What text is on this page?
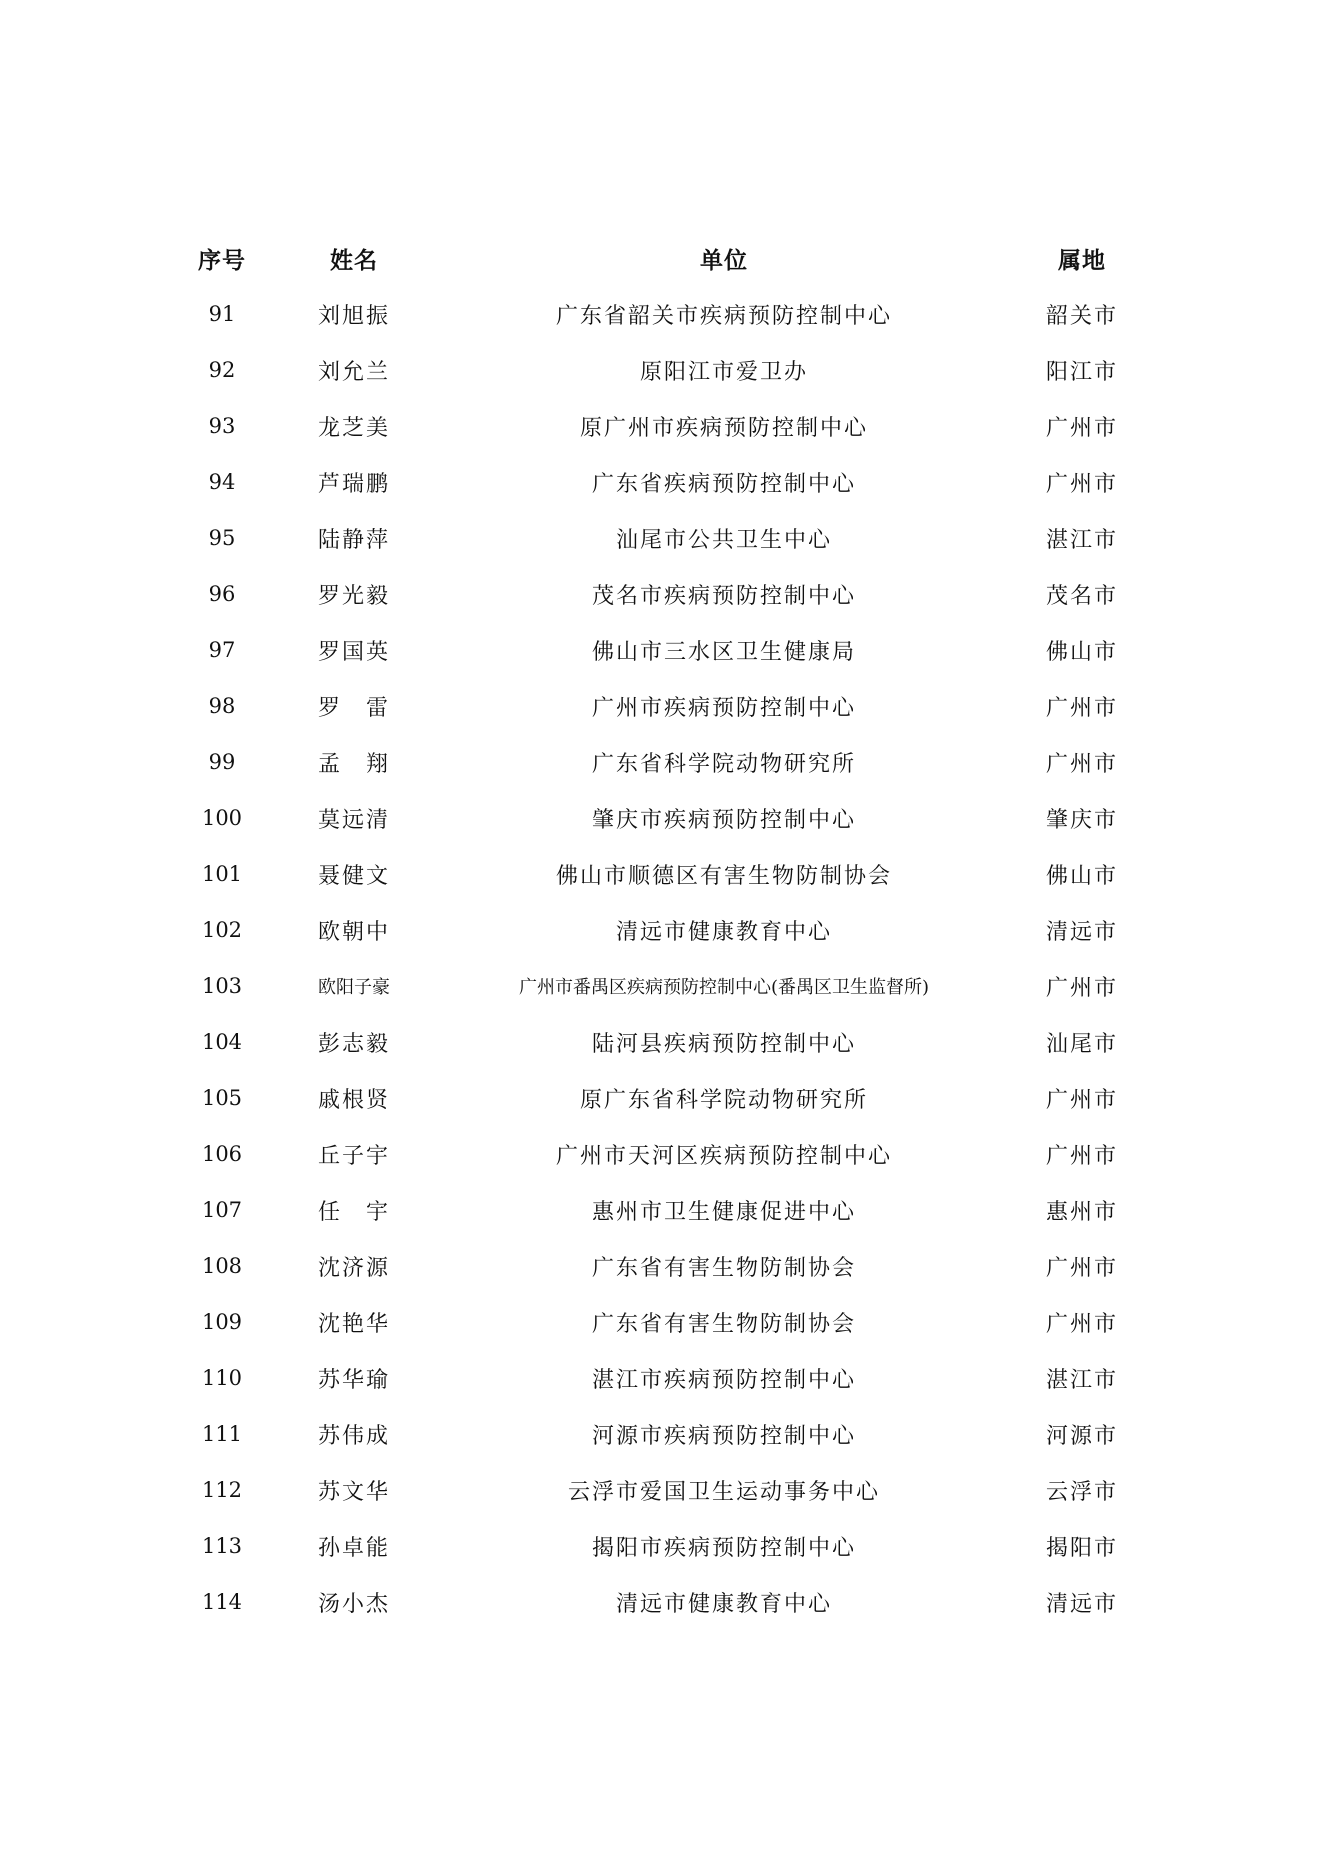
序号	姓名	单位	属地
91	刘旭振	广东省韶关市疾病预防控制中心	韶关市
92	刘允兰	原阳江市爱卫办	阳江市
93	龙芝美	原广州市疾病预防控制中心	广州市
94	芦瑞鹏	广东省疾病预防控制中心	广州市
95	陆静萍	汕尾市公共卫生中心	湛江市
96	罗光毅	茂名市疾病预防控制中心	茂名市
97	罗国英	佛山市三水区卫生健康局	佛山市
98	罗　雷	广州市疾病预防控制中心	广州市
99	孟　翔	广东省科学院动物研究所	广州市
100	莫远清	肇庆市疾病预防控制中心	肇庆市
101	聂健文	佛山市顺德区有害生物防制协会	佛山市
102	欧朝中	清远市健康教育中心	清远市
103	欧阳子豪	广州市番禺区疾病预防控制中心(番禺区卫生监督所)	广州市
104	彭志毅	陆河县疾病预防控制中心	汕尾市
105	戚根贤	原广东省科学院动物研究所	广州市
106	丘子宇	广州市天河区疾病预防控制中心	广州市
107	任　宇	惠州市卫生健康促进中心	惠州市
108	沈济源	广东省有害生物防制协会	广州市
109	沈艳华	广东省有害生物防制协会	广州市
110	苏华瑜	湛江市疾病预防控制中心	湛江市
111	苏伟成	河源市疾病预防控制中心	河源市
112	苏文华	云浮市爱国卫生运动事务中心	云浮市
113	孙卓能	揭阳市疾病预防控制中心	揭阳市
114	汤小杰	清远市健康教育中心	清远市
